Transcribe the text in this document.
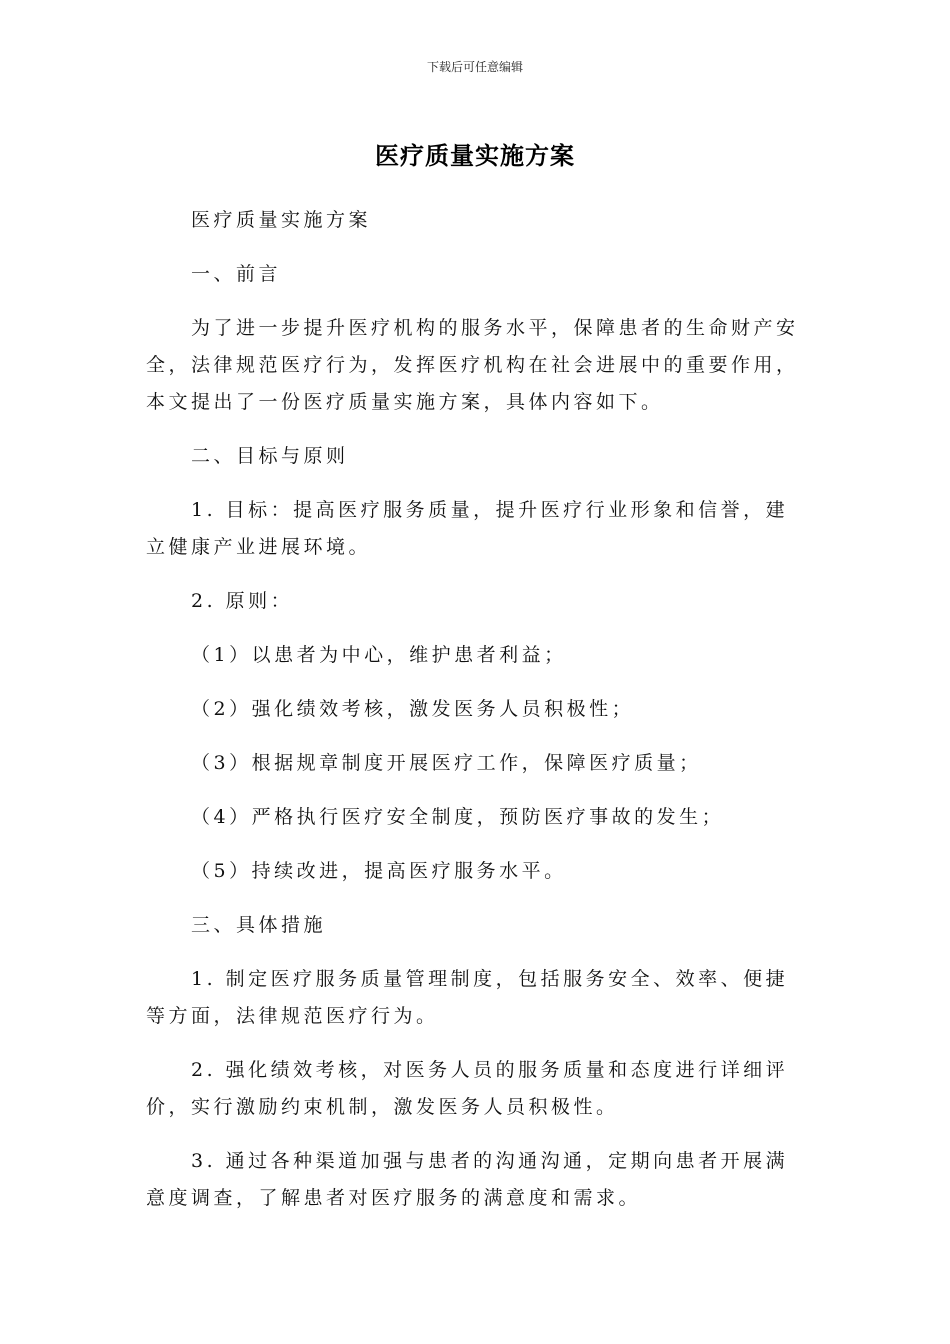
下载后可任意编辑
医疗质量实施方案

医疗质量实施方案

一、前言

为了进一步提升医疗机构的服务水平，保障患者的生命财产安全，法律规范医疗行为，发挥医疗机构在社会进展中的重要作用，本文提出了一份医疗质量实施方案，具体内容如下。

二、目标与原则

1. 目标：提高医疗服务质量，提升医疗行业形象和信誉，建立健康产业进展环境。

2. 原则：

（1）以患者为中心，维护患者利益；

（2）强化绩效考核，激发医务人员积极性；

（3）根据规章制度开展医疗工作，保障医疗质量；

（4）严格执行医疗安全制度，预防医疗事故的发生；

（5）持续改进，提高医疗服务水平。

三、具体措施

1. 制定医疗服务质量管理制度，包括服务安全、效率、便捷等方面，法律规范医疗行为。

2. 强化绩效考核，对医务人员的服务质量和态度进行详细评价，实行激励约束机制，激发医务人员积极性。

3. 通过各种渠道加强与患者的沟通沟通，定期向患者开展满意度调查，了解患者对医疗服务的满意度和需求。
